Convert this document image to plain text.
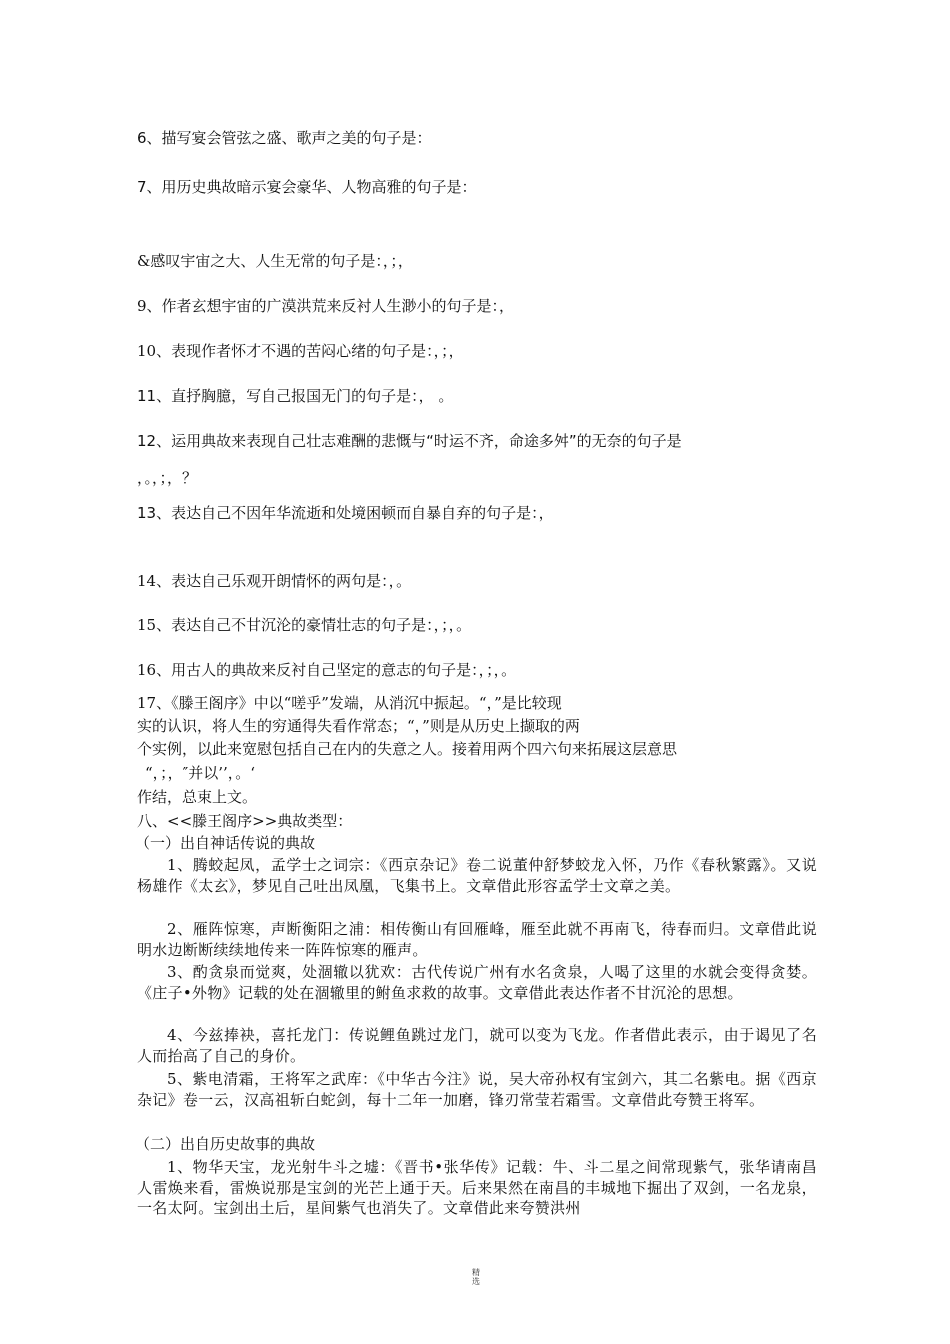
6、描写宴会管弦之盛、歌声之美的句子是：
7、用历史典故暗示宴会豪华、人物高雅的句子是：
&感叹宇宙之大、人生无常的句子是：，；，
9、作者玄想宇宙的广漠洪荒来反衬人生渺小的句子是：，
10、表现作者怀才不遇的苦闷心绪的句子是：，；，
11、直抒胸臆，写自己报国无门的句子是：， 。
12、运用典故来表现自己壮志难酬的悲慨与“时运不齐，命途多舛”的无奈的句子是
，。，；，？
13、表达自己不因年华流逝和处境困顿而自暴自弃的句子是：，
14、表达自己乐观开朗情怀的两句是：，。
15、表达自己不甘沉沦的豪情壮志的句子是：，；，。
16、用古人的典故来反衬自己坚定的意志的句子是：，；，。
17、《滕王阁序》中以“嗟乎”发端，从消沉中振起。“，”是比较现
实的认识，将人生的穷通得失看作常态；“，”则是从历史上撷取的两
个实例，以此来宽慰包括自己在内的失意之人。接着用两个四六句来拓展这层意思
“，；，″并以’’，。‘
作结，总束上文。
八、<<滕王阁序>>典故类型：
（一）出自神话传说的典故
1、腾蛟起凤，孟学士之词宗：《西京杂记》卷二说董仲舒梦蛟龙入怀，乃作《春秋繁露》。又说杨雄作《太玄》，梦见自己吐出凤凰，飞集书上。文章借此形容孟学士文章之美。
2、雁阵惊寒，声断衡阳之浦：相传衡山有回雁峰，雁至此就不再南飞，待春而归。文章借此说明水边断断续续地传来一阵阵惊寒的雁声。
3、酌贪泉而觉爽，处涸辙以犹欢：古代传说广州有水名贪泉，人喝了这里的水就会变得贪婪。《庄子•外物》记载的处在涸辙里的鲋鱼求救的故事。文章借此表达作者不甘沉沦的思想。
4、今兹捧袂，喜托龙门：传说鲤鱼跳过龙门，就可以变为飞龙。作者借此表示，由于谒见了名人而抬高了自己的身价。
5、紫电清霜，王将军之武库：《中华古今注》说，吴大帝孙权有宝剑六，其二名紫电。据《西京杂记》卷一云，汉高祖斩白蛇剑，每十二年一加磨，锋刃常莹若霜雪。文章借此夸赞王将军。
（二）出自历史故事的典故
1、物华天宝，龙光射牛斗之墟：《晋书•张华传》记载：牛、斗二星之间常现紫气，张华请南昌人雷焕来看，雷焕说那是宝剑的光芒上通于天。后来果然在南昌的丰城地下掘出了双剑，一名龙泉，一名太阿。宝剑出土后，星间紫气也消失了。文章借此来夸赞洪州
精
选
